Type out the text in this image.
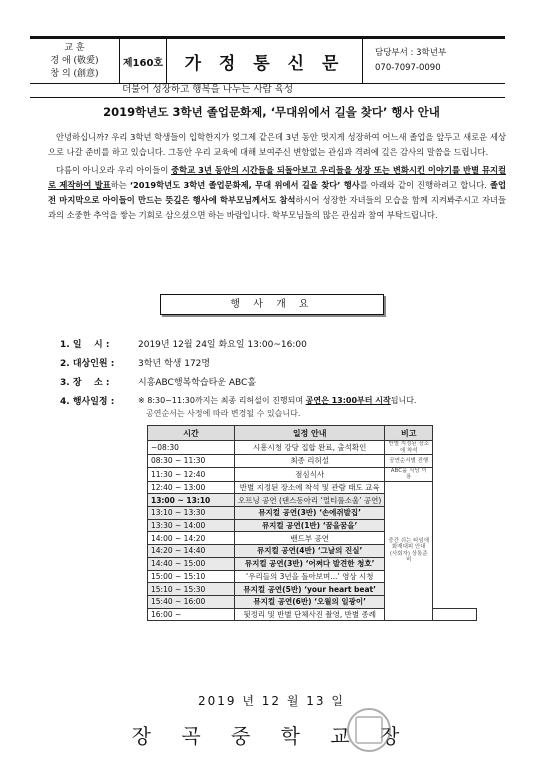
교 훈
경 애 (敬愛)
창 의 (創意)
제160호	가 정 통 신 문
담당부서 : 3학년부
070-7097-0090
더불어 성장하고 행복을 나누는 사람 육성
2019학년도 3학년 졸업문화제, ‘무대위에서 길을 찾다’ 행사 안내

안녕하십니까? 우리 3학년 학생들이 입학한지가 엊그제 같은데 3년 동안 멋지게 성장하여 어느새 졸업을 앞두고 새로운 세상으로 나갈 준비를 하고 있습니다. 그동안 우리 교육에 대해 보여주신 변함없는 관심과 격려에 깊은 감사의 말씀을 드립니다.

다름이 아니오라 우리 아이들이 중학교 3년 동안의 시간들을 되돌아보고 우리들을 성장 또는 변화시킨 이야기를 반별 뮤지컬로 제작하여 발표하는 ‘2019학년도 3학년 졸업문화제, 무대 위에서 길을 찾다’ 행사를 아래와 같이 진행하려고 합니다. 졸업 전 마지막으로 아이들이 만드는 뜻깊은 행사에 학부모님께서도 참석하시어 성장한 자녀들의 모습을 함께 지켜봐주시고 자녀들과의 소중한 추억을 쌓는 기회로 삼으셨으면 하는 바람입니다. 학부모님들의 많은 관심과 참여 부탁드립니다.

행 사 개 요
1. 일    시 :	2019년 12월 24일 화요일 13:00~16:00
2. 대상인원 :	3학년 학생 172명
3. 장    소 :	시흥ABC행복학습타운 ABC홀
4. 행사일정 :	※ 8:30~11:30까지는 최종 리허설이 진행되며 공연은 13:00부터 시작됩니다.
공연순서는 사정에 따라 변경될 수 있습니다.
시간	일정 안내	비고	
~08:30	시흥시청 강당 집합 완료, 출석확인	반별 지정된 장소에 착석	
08:30 ~ 11:30	최종 리허설	공연순서별 진행	
11:30 ~ 12:40	점심식사	ABC홀 식당 이용	
12:40 ~ 13:00	반별 지정된 장소에 착석 및 관람 태도 교육	중간 쉬는 타임에 화재대피 안내 (사회자) 상통준비	
13:00 ~ 13:10	오프닝 공연 (댄스동아리 ‘멀티풀소울’ 공연)		
13:10 ~ 13:30	뮤지컬 공연(3반) ‘손에쥐발집’		
13:30 ~ 14:00	뮤지컬 공연(1반) ‘꿈을꿈을’		
14:00 ~ 14:20	밴드부 공연		
14:20 ~ 14:40	뮤지컬 공연(4반) ‘그날의 진실’		
14:40 ~ 15:00	뮤지컬 공연(3반) ‘어쩌다 발견한 청호’		
15:00 ~ 15:10	‘우리들의 3년을 돌아보며...’ 영상 시청		
15:10 ~ 15:30	뮤지컬 공연(5반) ‘your heart beat’		
15:40 ~ 16:00	뮤지컬 공연(6반) ‘오월의 일광이’		
16:00 ~	뒷정리 및 반별 단체사진 촬영, 반별 종례		
2019 년 12 월 13 일
장 곡 중 학 교 장
